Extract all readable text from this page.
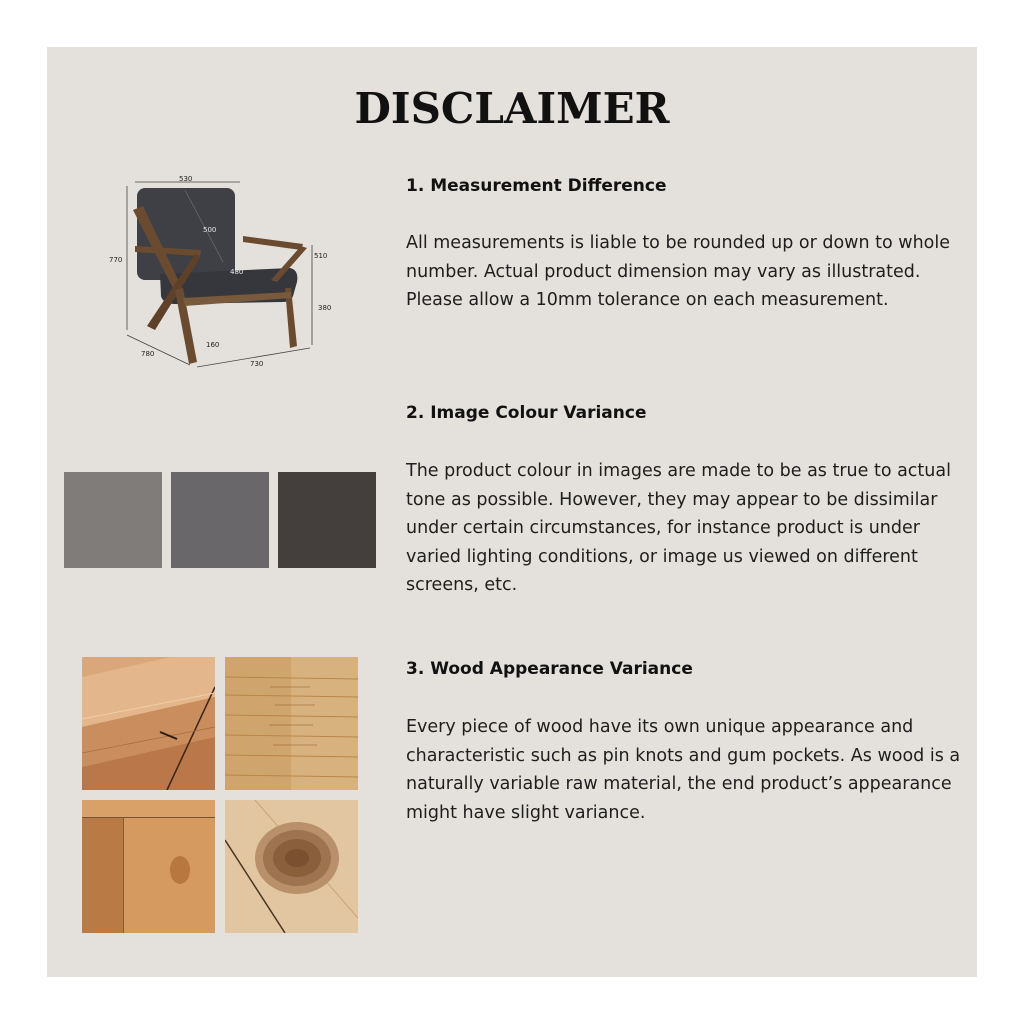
DISCLAIMER
530
500
480
770	510
380
160
780
730
1. Measurement Difference
All measurements is liable to be rounded up or down to whole number. Actual product dimension may vary as illustrated. Please allow a 10mm tolerance on each measurement.
2. Image Colour Variance
The product colour in images are made to be as true to actual tone as possible. However, they may appear to be dissimilar under certain circumstances, for instance product is under varied lighting conditions, or image us viewed on different screens, etc.
3. Wood Appearance Variance
Every piece of wood have its own unique appearance and characteristic such as pin knots and gum pockets. As wood is a naturally variable raw material, the end product’s appearance might have slight variance.
